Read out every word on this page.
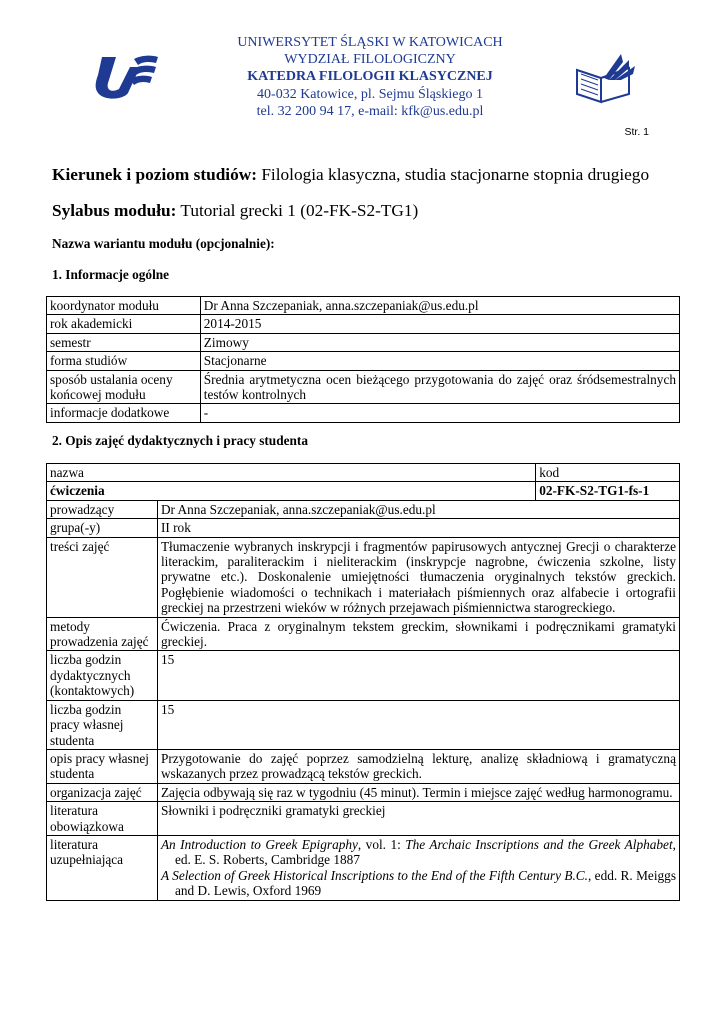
UNIWERSYTET ŚLĄSKI W KATOWICACH
WYDZIAŁ FILOLOGICZNY
KATEDRA FILOLOGII KLASYCZNEJ
40-032 Katowice, pl. Sejmu Śląskiego 1
tel. 32 200 94 17, e-mail: kfk@us.edu.pl
Str. 1
Kierunek i poziom studiów: Filologia klasyczna, studia stacjonarne stopnia drugiego
Sylabus modułu: Tutorial grecki 1 (02-FK-S2-TG1)
Nazwa wariantu modułu (opcjonalnie):
1. Informacje ogólne
koordynator modułu	Dr Anna Szczepaniak, anna.szczepaniak@us.edu.pl
rok akademicki	2014-2015
semestr	Zimowy
forma studiów	Stacjonarne
sposób ustalania oceny końcowej modułu	Średnia arytmetyczna ocen bieżącego przygotowania do zajęć oraz śródsemestralnych testów kontrolnych
informacje dodatkowe	-
2. Opis zajęć dydaktycznych i pracy studenta
nazwa		kod
ćwiczenia		02-FK-S2-TG1-fs-1
prowadzący	Dr Anna Szczepaniak, anna.szczepaniak@us.edu.pl	
grupa(-y)	II rok	
treści zajęć	Tłumaczenie wybranych inskrypcji i fragmentów papirusowych antycznej Grecji o charakterze literackim, paraliterackim i nieliterackim (inskrypcje nagrobne, ćwiczenia szkolne, listy prywatne etc.). Doskonalenie umiejętności tłumaczenia oryginalnych tekstów greckich. Pogłębienie wiadomości o technikach i materiałach piśmiennych oraz alfabecie i ortografii greckiej na przestrzeni wieków w różnych przejawach piśmiennictwa starogreckiego.	
metody prowadzenia zajęć	Ćwiczenia. Praca z oryginalnym tekstem greckim, słownikami i podręcznikami gramatyki greckiej.	
liczba godzin dydaktycznych (kontaktowych)	15	
liczba godzin pracy własnej studenta	15	
opis pracy własnej studenta	Przygotowanie do zajęć poprzez samodzielną lekturę, analizę składniową i gramatyczną wskazanych przez prowadzącą tekstów greckich.	
organizacja zajęć	Zajęcia odbywają się raz w tygodniu (45 minut). Termin i miejsce zajęć według harmonogramu.	
literatura obowiązkowa	Słowniki i podręczniki gramatyki greckiej	
literatura uzupełniająca	An Introduction to Greek Epigraphy, vol. 1: The Archaic Inscriptions and the Greek Alphabet, ed. E. S. Roberts, Cambridge 1887
A Selection of Greek Historical Inscriptions to the End of the Fifth Century B.C., edd. R. Meiggs and D. Lewis, Oxford 1969	
